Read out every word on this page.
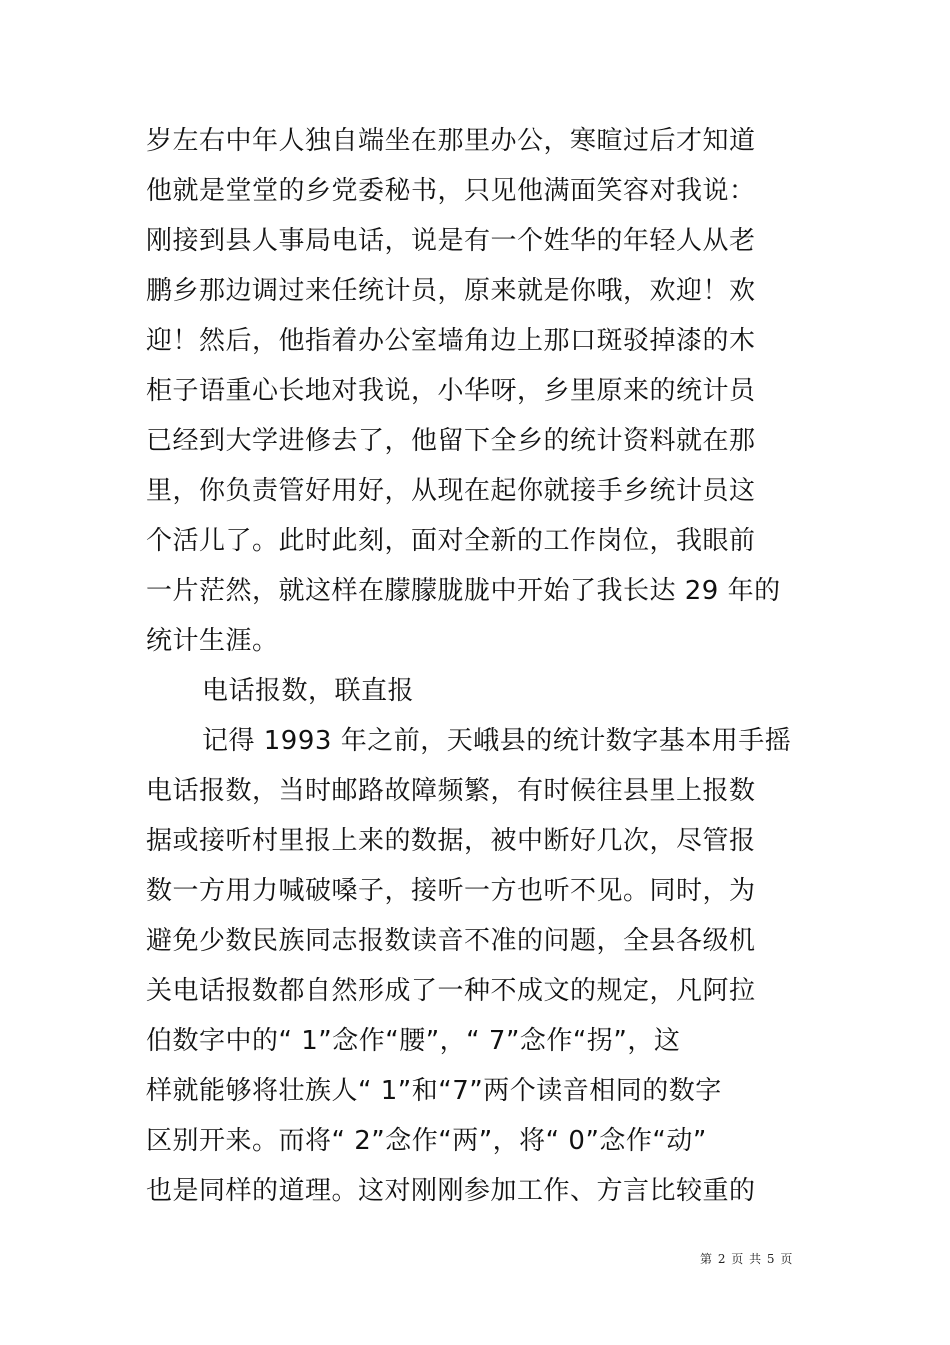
岁左右中年人独自端坐在那里办公，寒暄过后才知道
他就是堂堂的乡党委秘书，只见他满面笑容对我说：
刚接到县人事局电话，说是有一个姓华的年轻人从老
鹏乡那边调过来任统计员，原来就是你哦，欢迎！欢
迎！然后，他指着办公室墙角边上那口斑驳掉漆的木
柜子语重心长地对我说，小华呀，乡里原来的统计员
已经到大学进修去了，他留下全乡的统计资料就在那
里，你负责管好用好，从现在起你就接手乡统计员这
个活儿了。此时此刻，面对全新的工作岗位，我眼前
一片茫然，就这样在朦朦胧胧中开始了我长达 29 年的
统计生涯。
电话报数，联直报
记得 1993 年之前，天峨县的统计数字基本用手摇
电话报数，当时邮路故障频繁，有时候往县里上报数
据或接听村里报上来的数据，被中断好几次，尽管报
数一方用力喊破嗓子，接听一方也听不见。同时，为
避免少数民族同志报数读音不准的问题，全县各级机
关电话报数都自然形成了一种不成文的规定，凡阿拉
伯数字中的“ 1”念作“腰”，“ 7”念作“拐”，这
样就能够将壮族人“ 1”和“7”两个读音相同的数字
区别开来。而将“ 2”念作“两”，将“ 0”念作“动”
也是同样的道理。这对刚刚参加工作、方言比较重的
第 2 页 共 5 页
